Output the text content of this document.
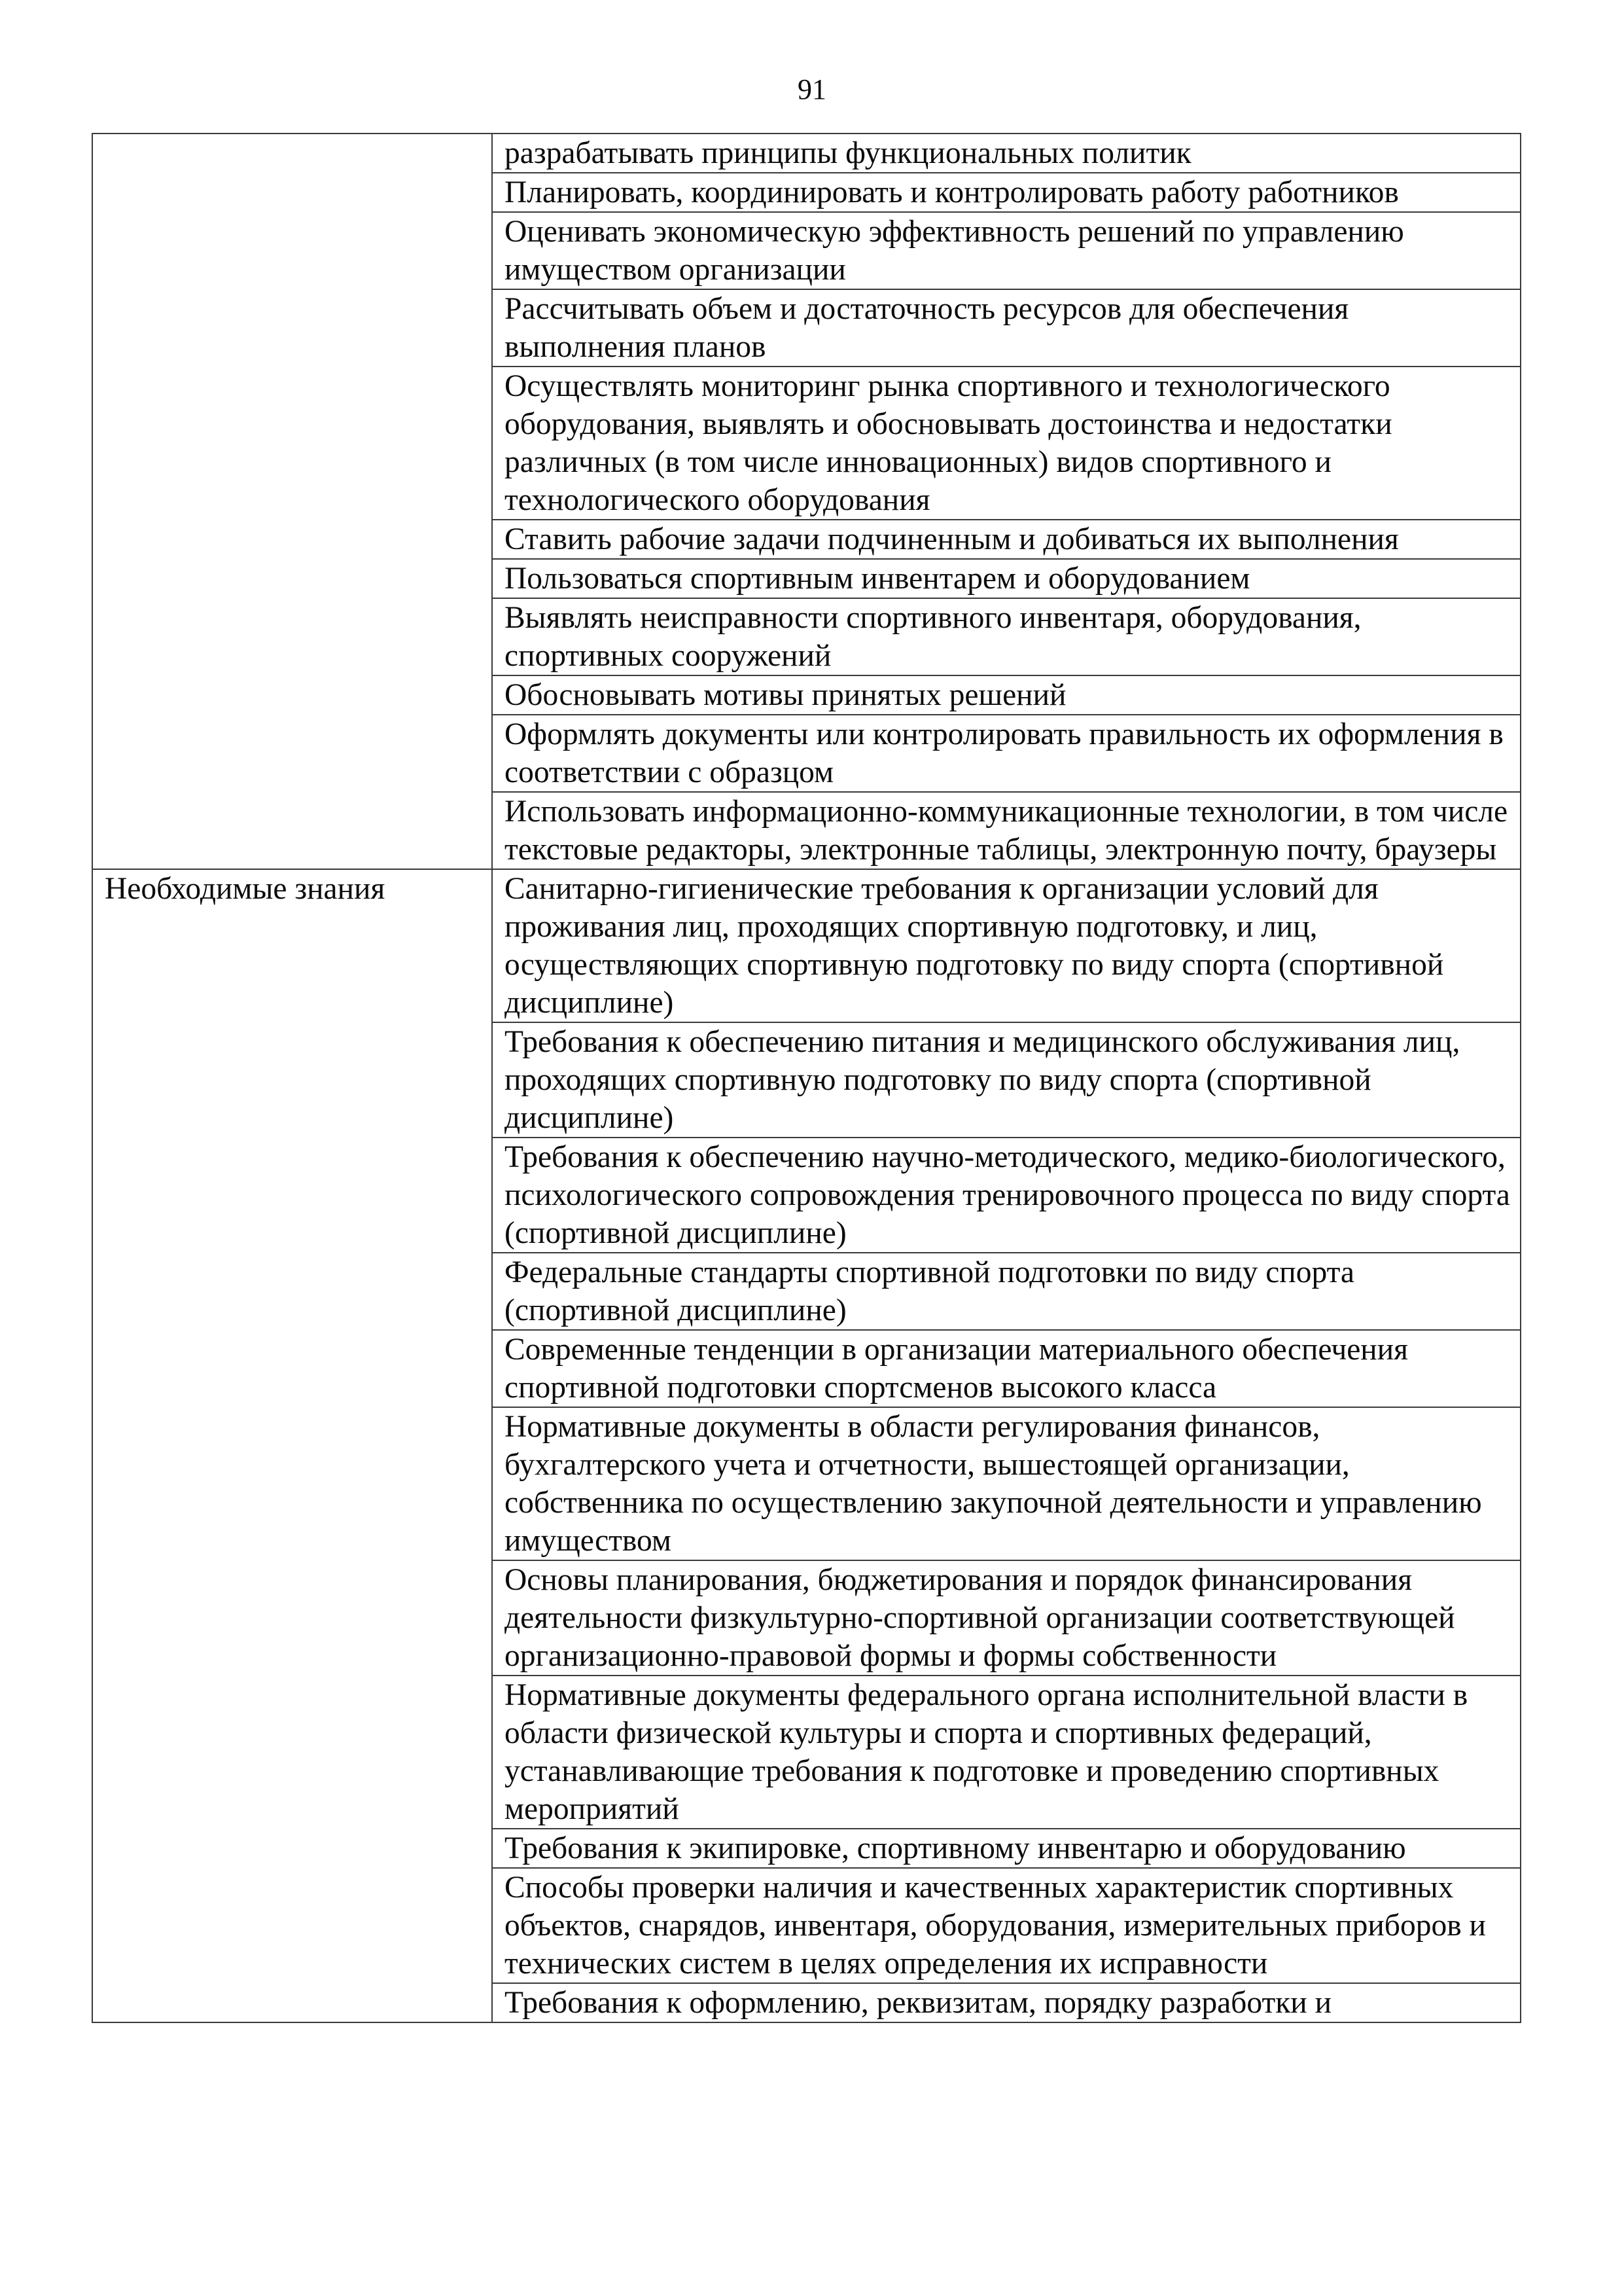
91
	разрабатывать принципы функциональных политик
	Планировать, координировать и контролировать работу работников
	Оценивать экономическую эффективность решений по управлению имуществом организации
	Рассчитывать объем и достаточность ресурсов для обеспечения выполнения планов
	Осуществлять мониторинг рынка спортивного и технологического оборудования, выявлять и обосновывать достоинства и недостатки различных (в том числе инновационных) видов спортивного и технологического оборудования
	Ставить рабочие задачи подчиненным и добиваться их выполнения
	Пользоваться спортивным инвентарем и оборудованием
	Выявлять неисправности спортивного инвентаря, оборудования, спортивных сооружений
	Обосновывать мотивы принятых решений
	Оформлять документы или контролировать правильность их оформления в соответствии с образцом
	Использовать информационно-коммуникационные технологии, в том числе текстовые редакторы, электронные таблицы, электронную почту, браузеры
Необходимые знания	Санитарно-гигиенические требования к организации условий для проживания лиц, проходящих спортивную подготовку, и лиц, осуществляющих спортивную подготовку по виду спорта (спортивной дисциплине)
	Требования к обеспечению питания и медицинского обслуживания лиц, проходящих спортивную подготовку по виду спорта (спортивной дисциплине)
	Требования к обеспечению научно-методического, медико-биологического, психологического сопровождения тренировочного процесса по виду спорта (спортивной дисциплине)
	Федеральные стандарты спортивной подготовки по виду спорта (спортивной дисциплине)
	Современные тенденции в организации материального обеспечения спортивной подготовки спортсменов высокого класса
	Нормативные документы в области регулирования финансов, бухгалтерского учета и отчетности, вышестоящей организации, собственника по осуществлению закупочной деятельности и управлению имуществом
	Основы планирования, бюджетирования и порядок финансирования деятельности физкультурно-спортивной организации соответствующей организационно-правовой формы и формы собственности
	Нормативные документы федерального органа исполнительной власти в области физической культуры и спорта и спортивных федераций, устанавливающие требования к подготовке и проведению спортивных мероприятий
	Требования к экипировке, спортивному инвентарю и оборудованию
	Способы проверки наличия и качественных характеристик спортивных объектов, снарядов, инвентаря, оборудования, измерительных приборов и технических систем в целях определения их исправности
	Требования к оформлению, реквизитам, порядку разработки и
